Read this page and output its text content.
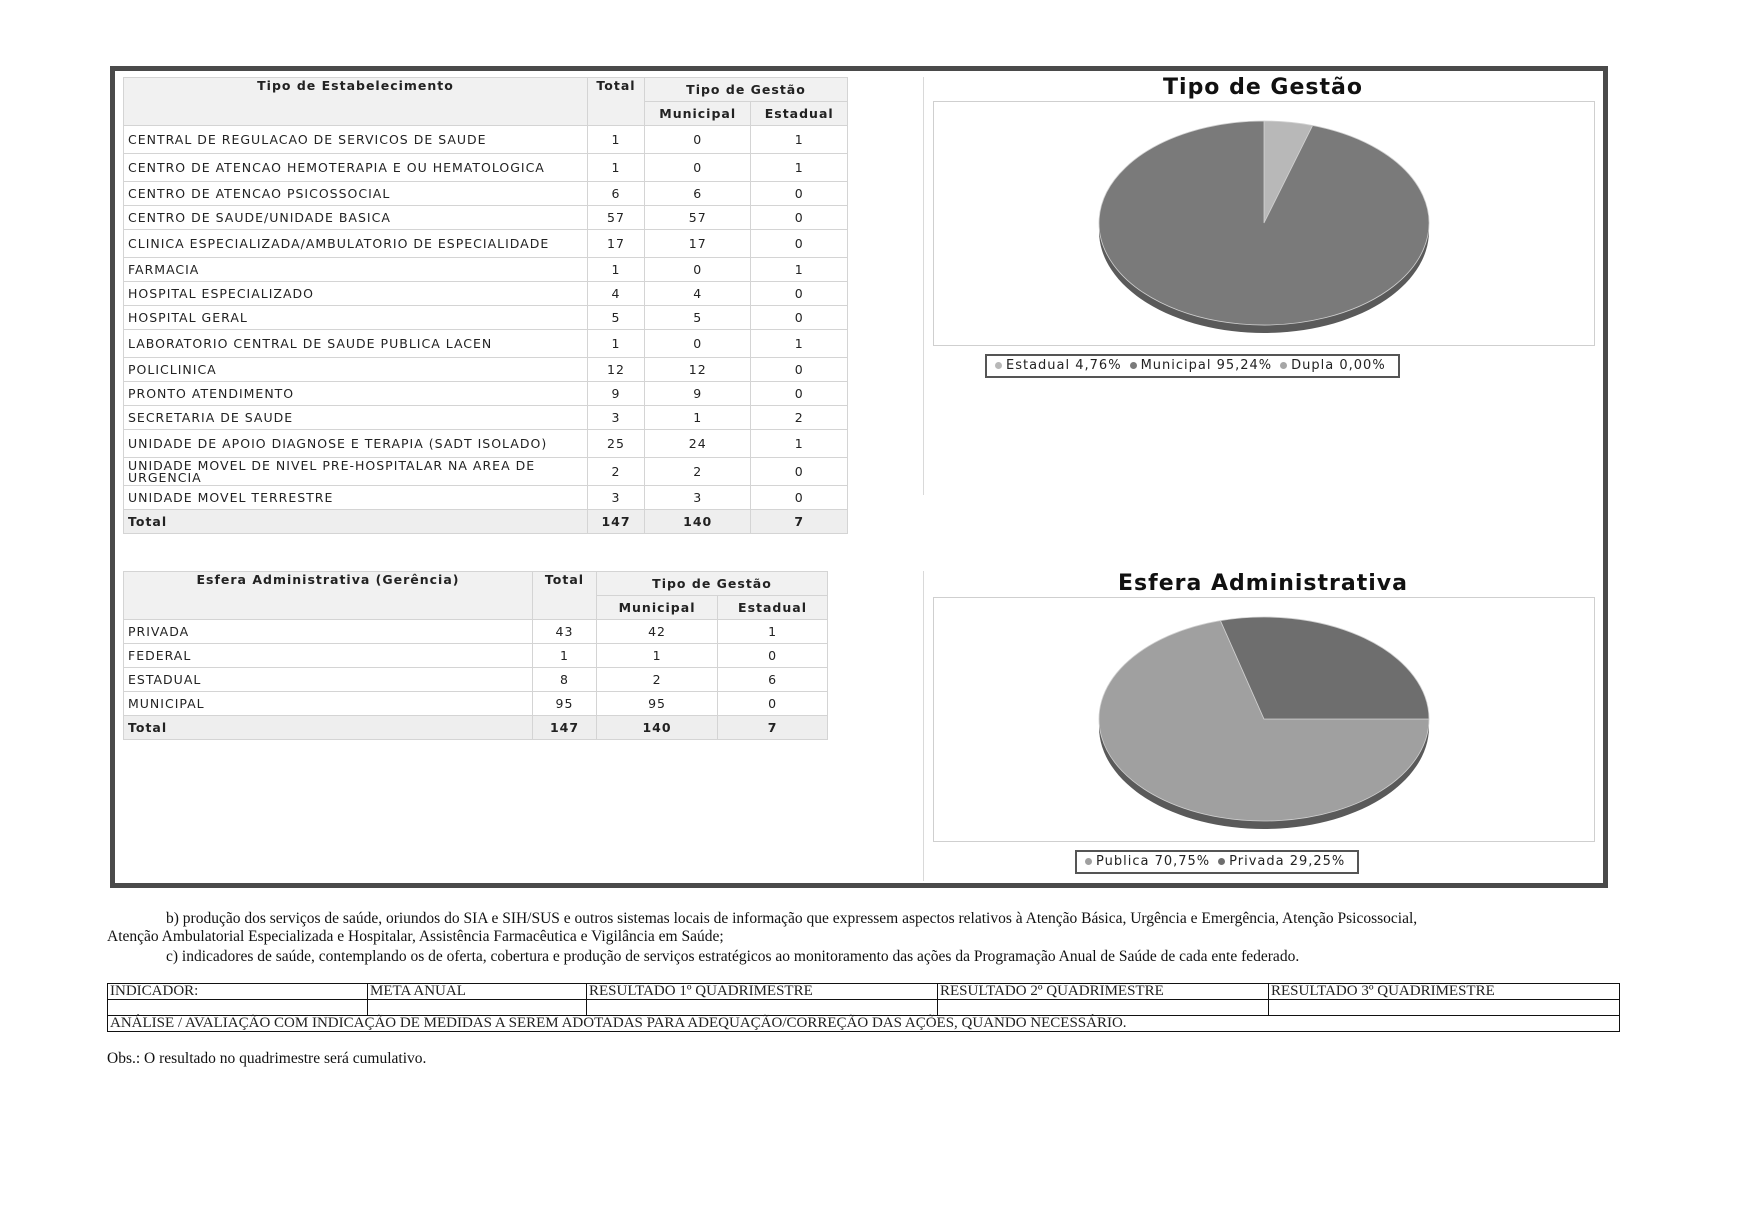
Tipo de Estabelecimento	Total	Tipo de Gestão	
		Municipal	Estadual
CENTRAL DE REGULACAO DE SERVICOS DE SAUDE	1	0	1
CENTRO DE ATENCAO HEMOTERAPIA E OU HEMATOLOGICA	1	0	1
CENTRO DE ATENCAO PSICOSSOCIAL	6	6	0
CENTRO DE SAUDE/UNIDADE BASICA	57	57	0
CLINICA ESPECIALIZADA/AMBULATORIO DE ESPECIALIDADE	17	17	0
FARMACIA	1	0	1
HOSPITAL ESPECIALIZADO	4	4	0
HOSPITAL GERAL	5	5	0
LABORATORIO CENTRAL DE SAUDE PUBLICA LACEN	1	0	1
POLICLINICA	12	12	0
PRONTO ATENDIMENTO	9	9	0
SECRETARIA DE SAUDE	3	1	2
UNIDADE DE APOIO DIAGNOSE E TERAPIA (SADT ISOLADO)	25	24	1
UNIDADE MOVEL DE NIVEL PRE-HOSPITALAR NA AREA DE URGENCIA	2	2	0
UNIDADE MOVEL TERRESTRE	3	3	0
Total	147	140	7
Esfera Administrativa (Gerência)	Total	Tipo de Gestão	
		Municipal	Estadual
PRIVADA	43	42	1
FEDERAL	1	1	0
ESTADUAL	8	2	6
MUNICIPAL	95	95	0
Total	147	140	7
Tipo de Gestão
Estadual 4,76% Municipal 95,24% Dupla 0,00%
Esfera Administrativa
Publica 70,75% Privada 29,25%
b) produção dos serviços de saúde, oriundos do SIA e SIH/SUS e outros sistemas locais de informação que expressem aspectos relativos à Atenção Básica, Urgência e Emergência, Atenção Psicossocial,
Atenção Ambulatorial Especializada e Hospitalar, Assistência Farmacêutica e Vigilância em Saúde;
c) indicadores de saúde, contemplando os de oferta, cobertura e produção de serviços estratégicos ao monitoramento das ações da Programação Anual de Saúde de cada ente federado.
INDICADOR:	META ANUAL	RESULTADO 1º QUADRIMESTRE	RESULTADO 2º QUADRIMESTRE	RESULTADO 3º QUADRIMESTRE

ANÁLISE / AVALIAÇÃO COM INDICAÇÃO DE MEDIDAS A SEREM ADOTADAS PARA ADEQUAÇÃO/CORREÇÃO DAS AÇÕES, QUANDO NECESSÁRIO.				
Obs.: O resultado no quadrimestre será cumulativo.
